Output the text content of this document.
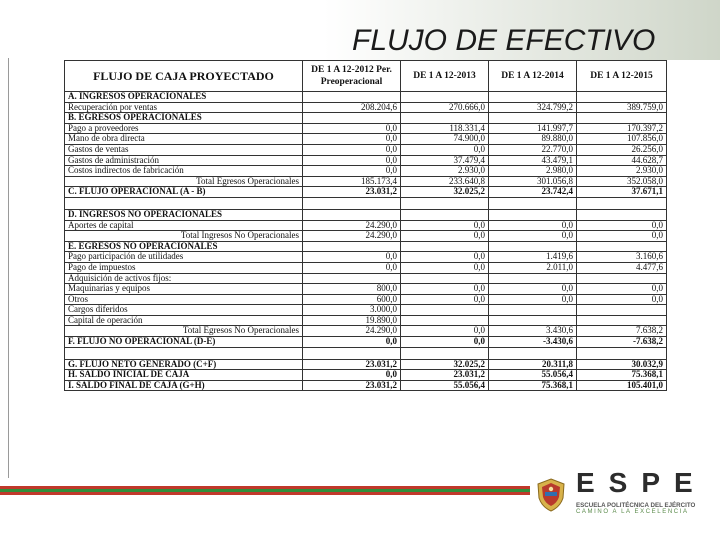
FLUJO DE EFECTIVO
FLUJO DE CAJA PROYECTADO	DE 1 A 12-2012 Per. Preoperacional	DE 1 A 12-2013	DE 1 A 12-2014	DE 1 A 12-2015
A. INGRESOS OPERACIONALES				
Recuperación por ventas	208.204,6	270.666,0	324.799,2	389.759,0
B. EGRESOS OPERACIONALES				
Pago a proveedores	0,0	118.331,4	141.997,7	170.397,2
Mano de obra directa	0,0	74.900,0	89.880,0	107.856,0
Gastos de ventas	0,0	0,0	22.770,0	26.256,0
Gastos de administración	0,0	37.479,4	43.479,1	44.628,7
Costos indirectos de fabricación	0,0	2.930,0	2.980,0	2.930,0
Total Egresos Operacionales	185.173,4	233.640,8	301.056,8	352.058,0
C. FLUJO OPERACIONAL (A - B)	23.031,2	32.025,2	23.742,4	37.671,1

D. INGRESOS NO OPERACIONALES				
Aportes de capital	24.290,0	0,0	0,0	0,0
Total Ingresos No Operacionales	24.290,0	0,0	0,0	0,0
E. EGRESOS NO OPERACIONALES				
Pago participación de utilidades	0,0	0,0	1.419,6	3.160,6
Pago de impuestos	0,0	0,0	2.011,0	4.477,6
Adquisición de activos fijos:				
Maquinarias y equipos	800,0	0,0	0,0	0,0
Otros	600,0	0,0	0,0	0,0
Cargos diferidos	3.000,0			
Capital de operación	19.890,0			
Total Egresos No Operacionales	24.290,0	0,0	3.430,6	7.638,2
F. FLUJO NO OPERACIONAL (D-E)	0,0	0,0	-3.430,6	-7.638,2

G. FLUJO NETO GENERADO (C+F)	23.031,2	32.025,2	20.311,8	30.032,9
H. SALDO INICIAL DE CAJA	0,0	23.031,2	55.056,4	75.368,1
I. SALDO FINAL DE CAJA (G+H)	23.031,2	55.056,4	75.368,1	105.401,0
ESPE
ESCUELA POLITÉCNICA DEL EJÉRCITO
CAMINO A LA EXCELENCIA
